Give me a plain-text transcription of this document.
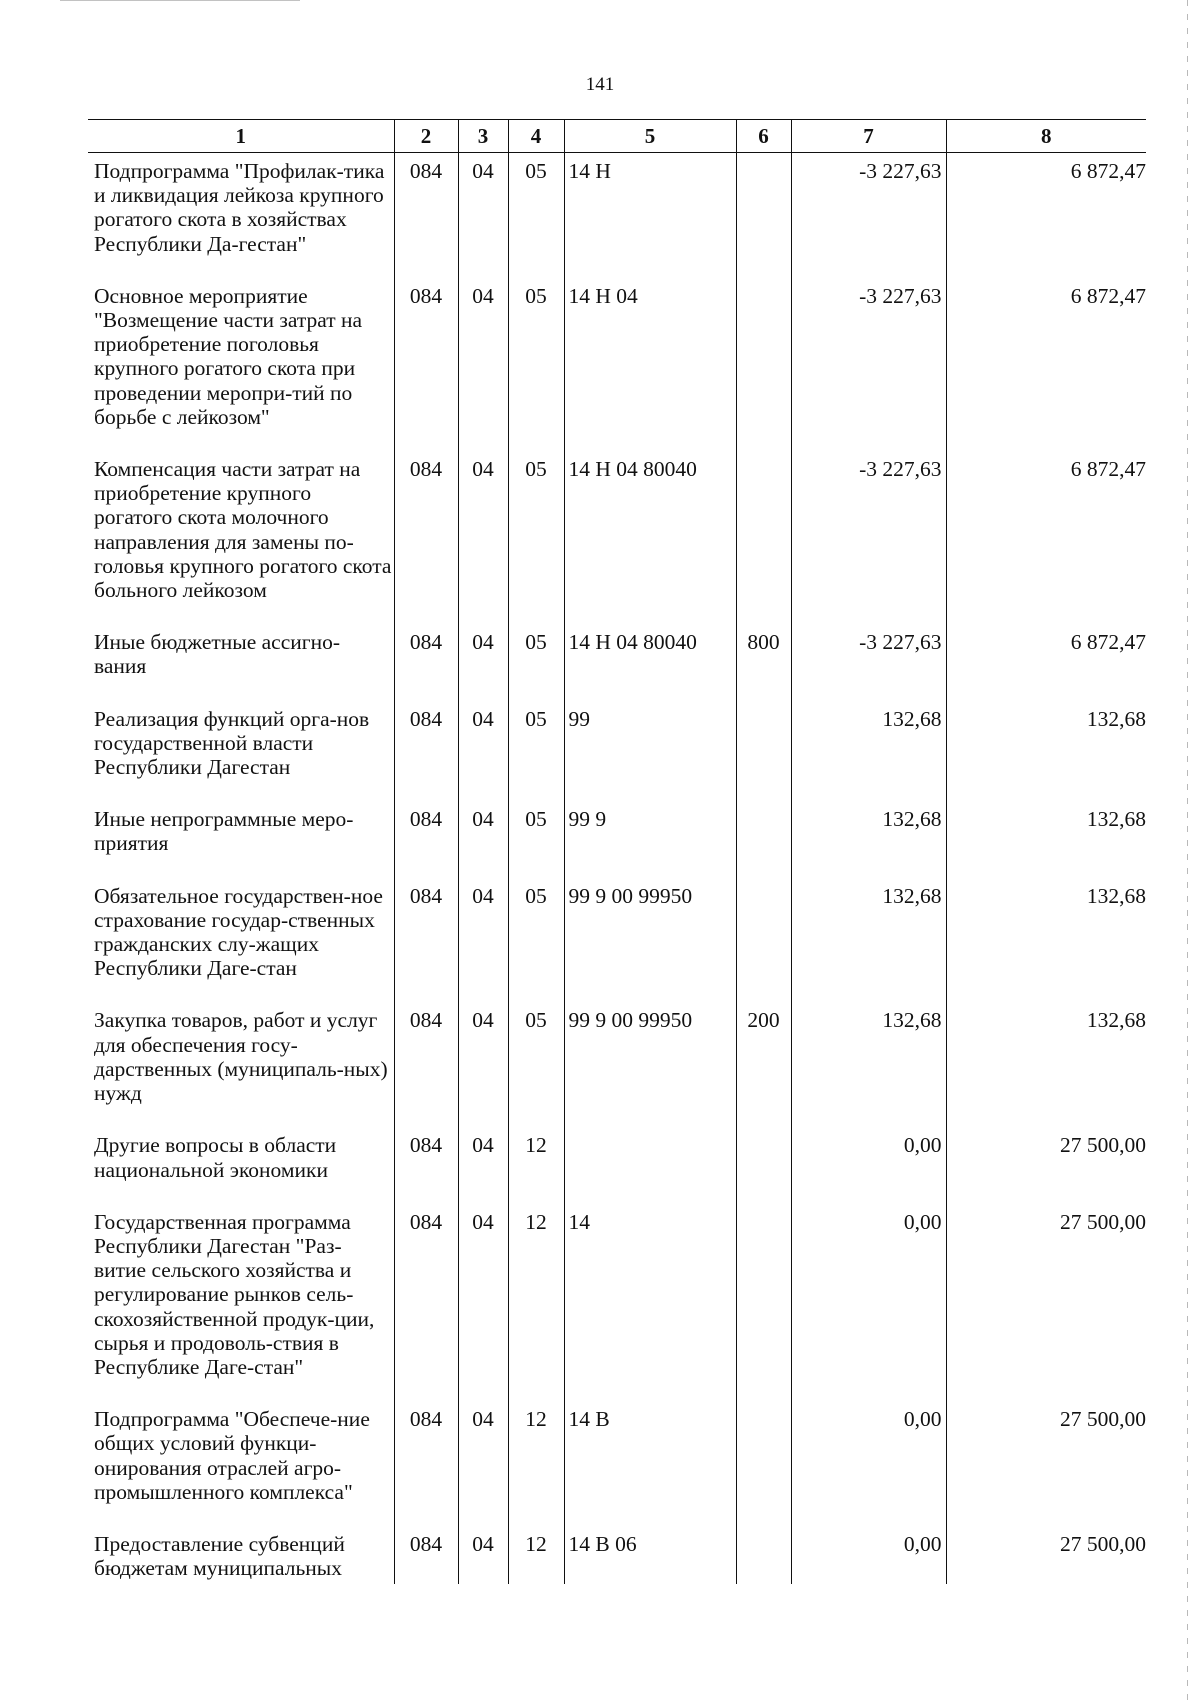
141
1	2	3	4	5	6	7	8
Подпрограмма "Профилак-тика и ликвидация лейкоза крупного рогатого скота в хозяйствах Республики Да-гестан"	084	04	05	14 Н		-3 227,63	6 872,47
Основное мероприятие "Возмещение части затрат на приобретение поголовья крупного рогатого скота при проведении меропри-тий по борьбе с лейкозом"	084	04	05	14 Н 04		-3 227,63	6 872,47
Компенсация части затрат на приобретение крупного рогатого скота молочного направления для замены по-головья крупного рогатого скота больного лейкозом	084	04	05	14 Н 04 80040		-3 227,63	6 872,47
Иные бюджетные ассигно-вания	084	04	05	14 Н 04 80040	800	-3 227,63	6 872,47
Реализация функций орга-нов государственной власти Республики Дагестан	084	04	05	99		132,68	132,68
Иные непрограммные меро-приятия	084	04	05	99 9		132,68	132,68
Обязательное государствен-ное страхование государ-ственных гражданских слу-жащих Республики Даге-стан	084	04	05	99 9 00 99950		132,68	132,68
Закупка товаров, работ и услуг для обеспечения госу-дарственных (муниципаль-ных) нужд	084	04	05	99 9 00 99950	200	132,68	132,68
Другие вопросы в области национальной экономики	084	04	12			0,00	27 500,00
Государственная программа Республики Дагестан "Раз-витие сельского хозяйства и регулирование рынков сель-скохозяйственной продук-ции, сырья и продоволь-ствия в Республике Даге-стан"	084	04	12	14		0,00	27 500,00
Подпрограмма "Обеспече-ние общих условий функци-онирования отраслей агро-промышленного комплекса"	084	04	12	14 В		0,00	27 500,00
Предоставление субвенций бюджетам муниципальных	084	04	12	14 В 06		0,00	27 500,00
